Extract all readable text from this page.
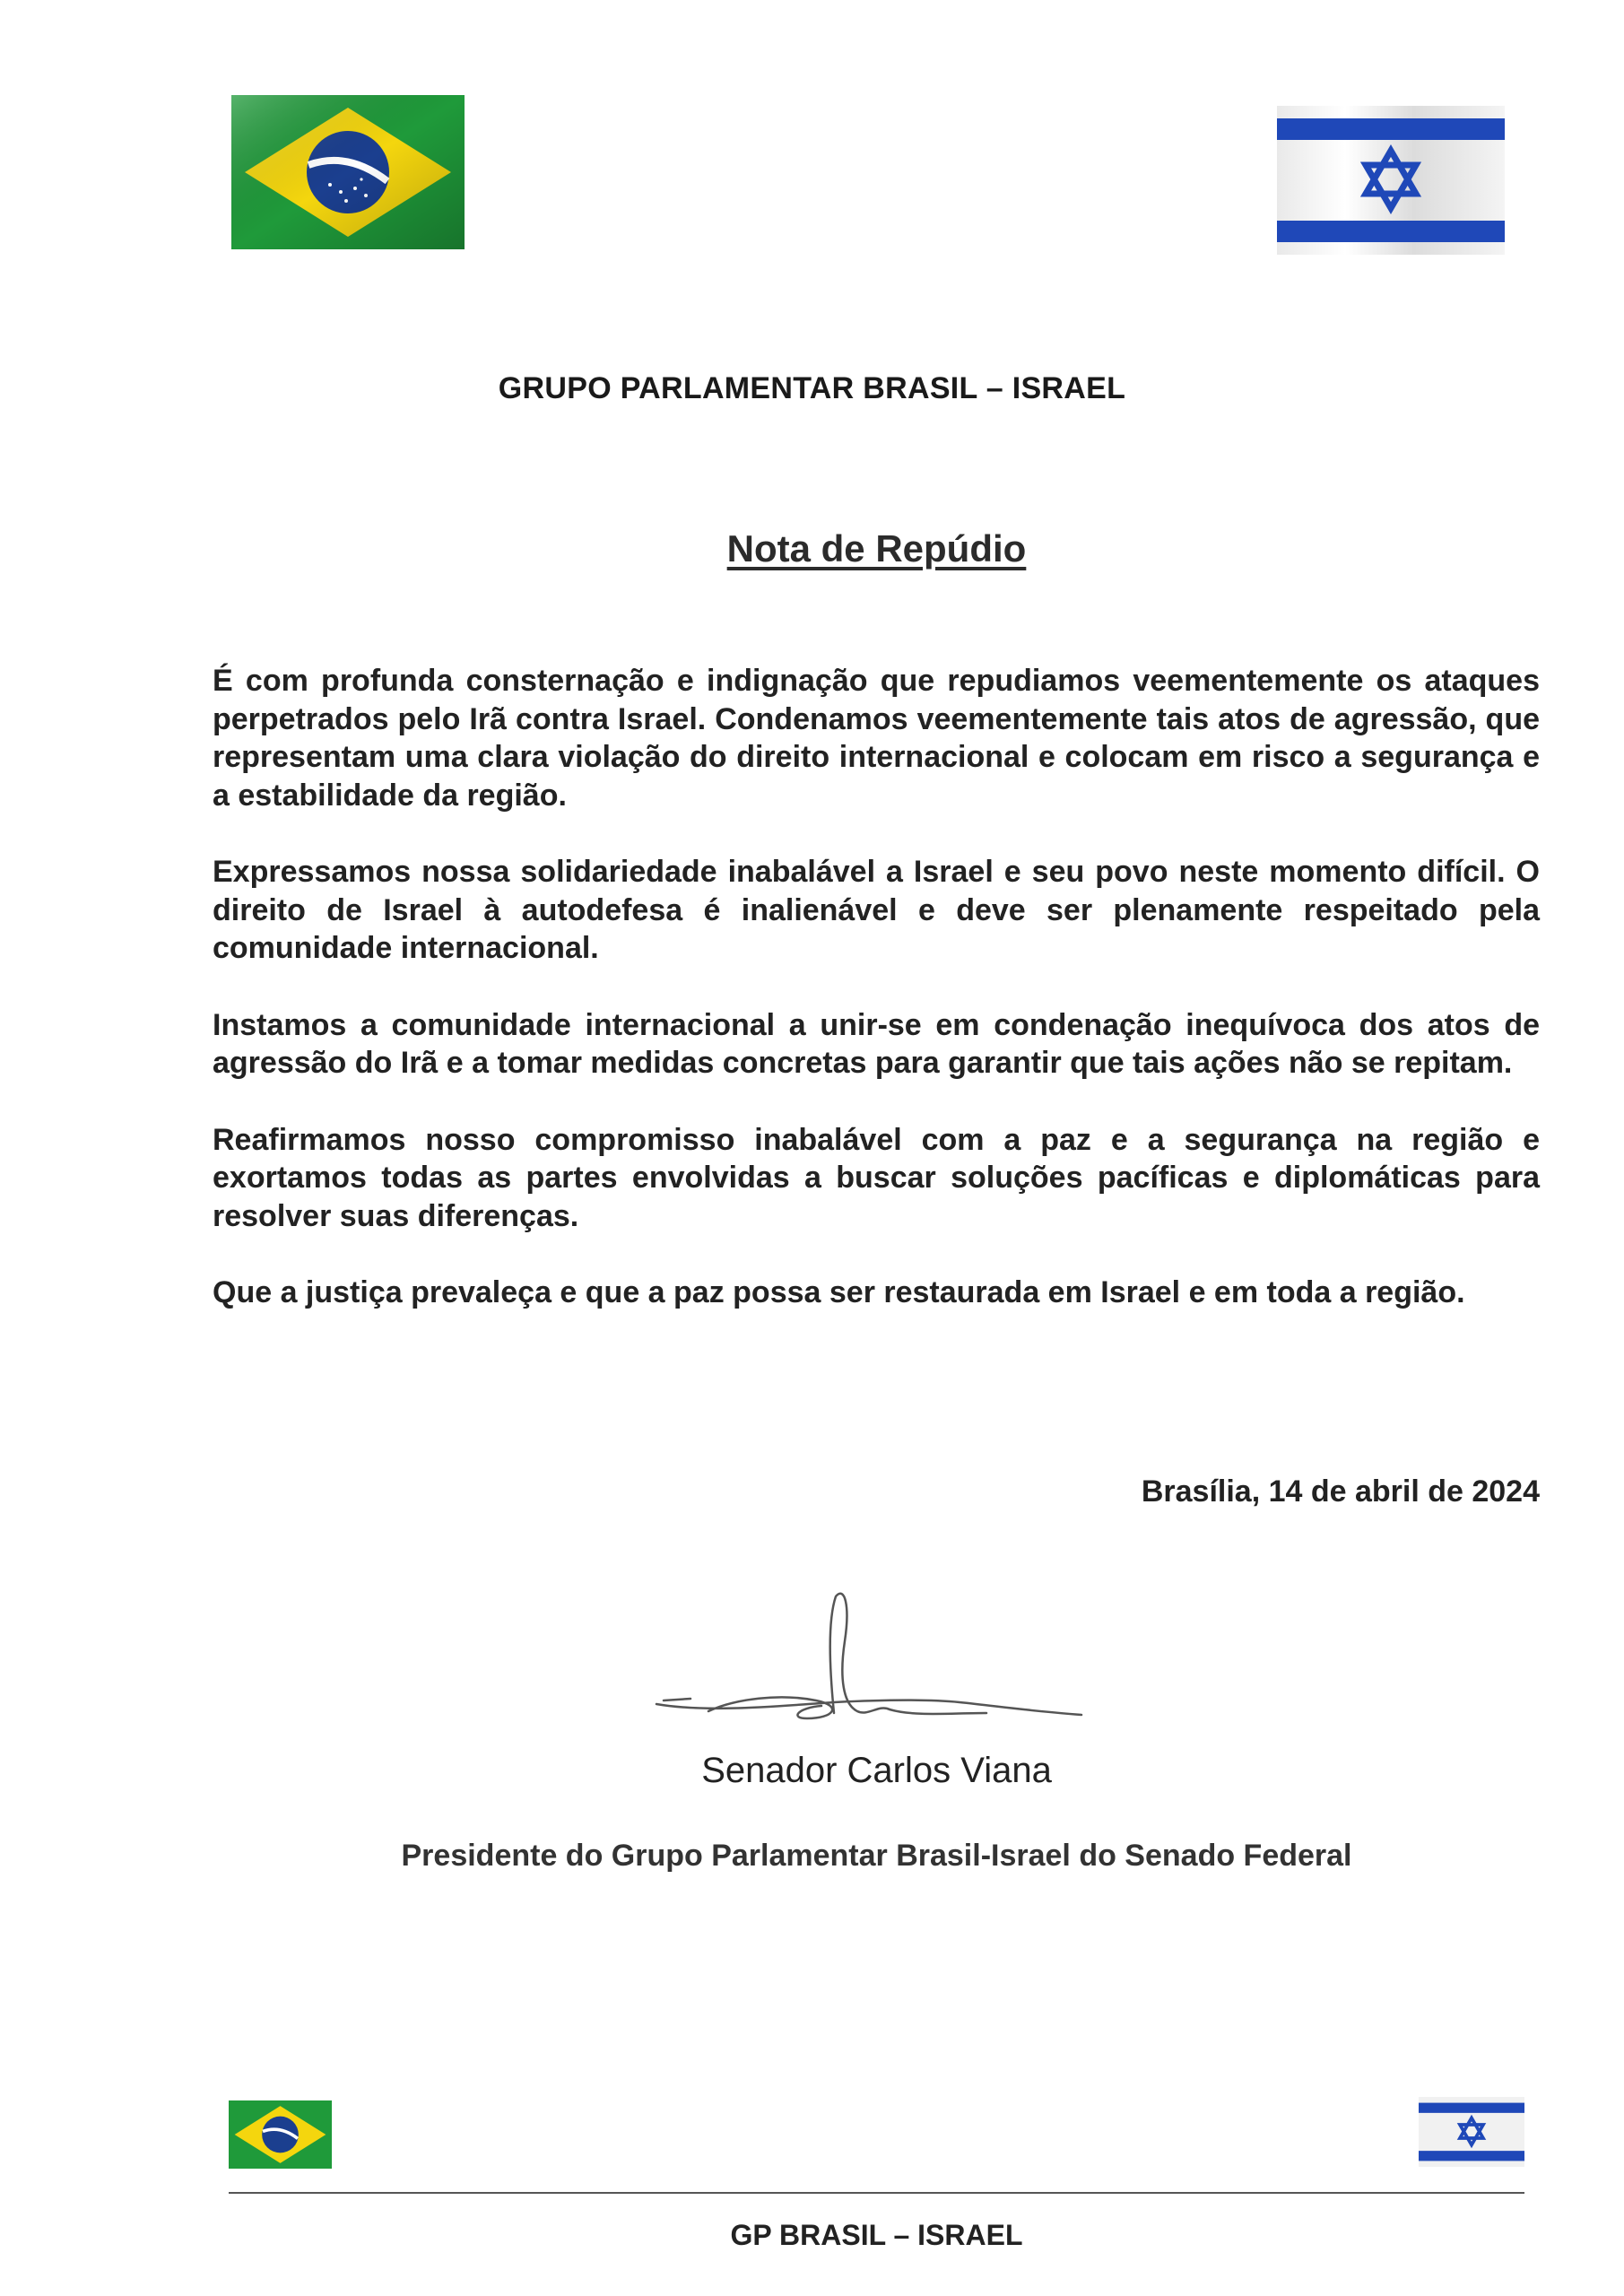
GRUPO PARLAMENTAR BRASIL – ISRAEL
Nota de Repúdio

É com profunda consternação e indignação que repudiamos veementemente os ataques perpetrados pelo Irã contra Israel. Condenamos veementemente tais atos de agressão, que representam uma clara violação do direito internacional e colocam em risco a segurança e a estabilidade da região.

Expressamos nossa solidariedade inabalável a Israel e seu povo neste momento difícil. O direito de Israel à autodefesa é inalienável e deve ser plenamente respeitado pela comunidade internacional.

Instamos a comunidade internacional a unir-se em condenação inequívoca dos atos de agressão do Irã e a tomar medidas concretas para garantir que tais ações não se repitam.

Reafirmamos nosso compromisso inabalável com a paz e a segurança na região e exortamos todas as partes envolvidas a buscar soluções pacíficas e diplomáticas para resolver suas diferenças.

Que a justiça prevaleça e que a paz possa ser restaurada em Israel e em toda a região.

Brasília, 14 de abril de 2024
Senador Carlos Viana
Presidente do Grupo Parlamentar Brasil-Israel do Senado Federal
GP BRASIL – ISRAEL
